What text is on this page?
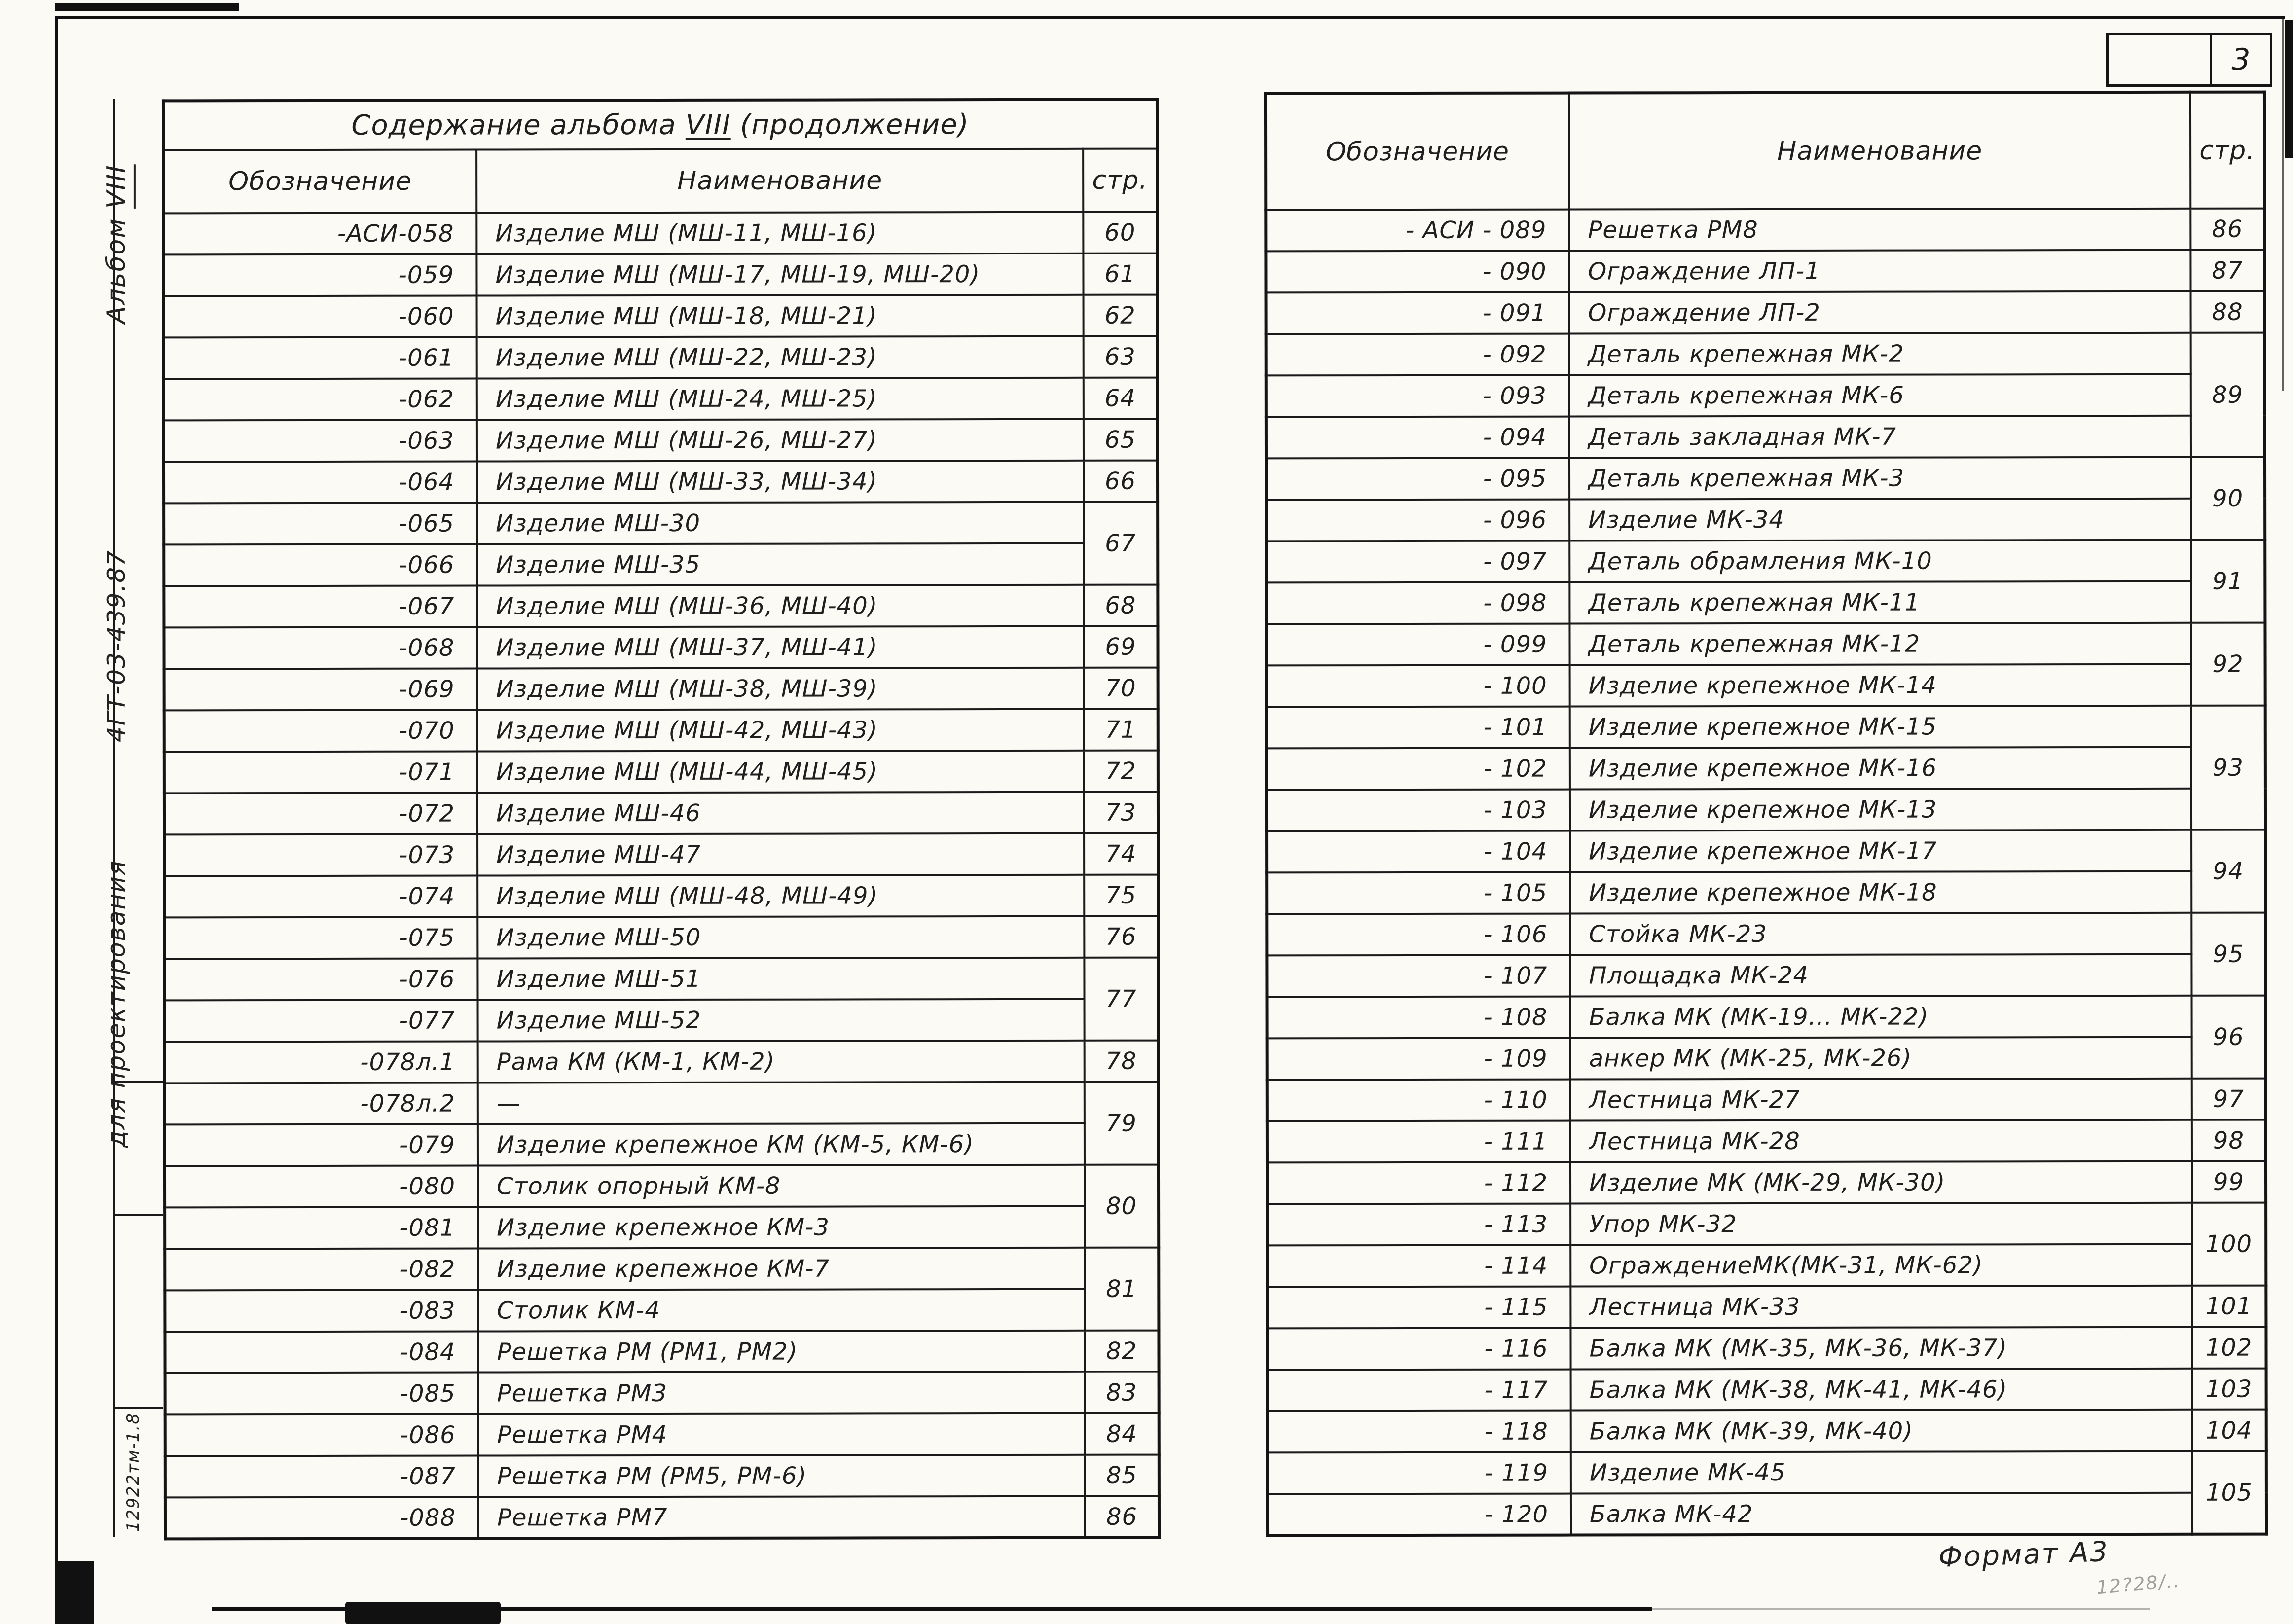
3
Альбом VIII
4ГТ-03-439.87
для проектирования
12922тм-1.8
Содержание альбома VIII (продолжение)		
Обозначение	Наименование	стр.
-АСИ-058	Изделие МШ (МШ-11, МШ-16)	60
-059	Изделие МШ (МШ-17, МШ-19, МШ-20)	61
-060	Изделие МШ (МШ-18, МШ-21)	62
-061	Изделие МШ (МШ-22, МШ-23)	63
-062	Изделие МШ (МШ-24, МШ-25)	64
-063	Изделие МШ (МШ-26, МШ-27)	65
-064	Изделие МШ (МШ-33, МШ-34)	66
-065	Изделие МШ-30	67
-066	Изделие МШ-35	
-067	Изделие МШ (МШ-36, МШ-40)	68
-068	Изделие МШ (МШ-37, МШ-41)	69
-069	Изделие МШ (МШ-38, МШ-39)	70
-070	Изделие МШ (МШ-42, МШ-43)	71
-071	Изделие МШ (МШ-44, МШ-45)	72
-072	Изделие МШ-46	73
-073	Изделие МШ-47	74
-074	Изделие МШ (МШ-48, МШ-49)	75
-075	Изделие МШ-50	76
-076	Изделие МШ-51	77
-077	Изделие МШ-52	
-078л.1	Рама КМ (КМ-1, КМ-2)	78
-078л.2	—	79
-079	Изделие крепежное КМ (КМ-5, КМ-6)	
-080	Столик опорный КМ-8	80
-081	Изделие крепежное КМ-3	
-082	Изделие крепежное КМ-7	81
-083	Столик КМ-4	
-084	Решетка РМ (РМ1, РМ2)	82
-085	Решетка РМ3	83
-086	Решетка РМ4	84
-087	Решетка РМ (РМ5, РМ-6)	85
-088	Решетка РМ7	86
Обозначение	Наименование	стр.
- АСИ - 089	Решетка РМ8	86
- 090	Ограждение ЛП-1	87
- 091	Ограждение ЛП-2	88
- 092	Деталь крепежная МК-2	89
- 093	Деталь крепежная МК-6	
- 094	Деталь закладная МК-7	
- 095	Деталь крепежная МК-3	90
- 096	Изделие МК-34	
- 097	Деталь обрамления МК-10	91
- 098	Деталь крепежная МК-11	
- 099	Деталь крепежная МК-12	92
- 100	Изделие крепежное МК-14	
- 101	Изделие крепежное МК-15	93
- 102	Изделие крепежное МК-16	
- 103	Изделие крепежное МК-13	
- 104	Изделие крепежное МК-17	94
- 105	Изделие крепежное МК-18	
- 106	Стойка МК-23	95
- 107	Площадка МК-24	
- 108	Балка МК (МК-19... МК-22)	96
- 109	анкер МК (МК-25, МК-26)	
- 110	Лестница МК-27	97
- 111	Лестница МК-28	98
- 112	Изделие МК (МК-29, МК-30)	99
- 113	Упор МК-32	100
- 114	ОграждениеМК(МК-31, МК-62)	
- 115	Лестница МК-33	101
- 116	Балка МК (МК-35, МК-36, МК-37)	102
- 117	Балка МК (МК-38, МК-41, МК-46)	103
- 118	Балка МК (МК-39, МК-40)	104
- 119	Изделие МК-45	105
- 120	Балка МК-42	
Формат А3
12?28/..
